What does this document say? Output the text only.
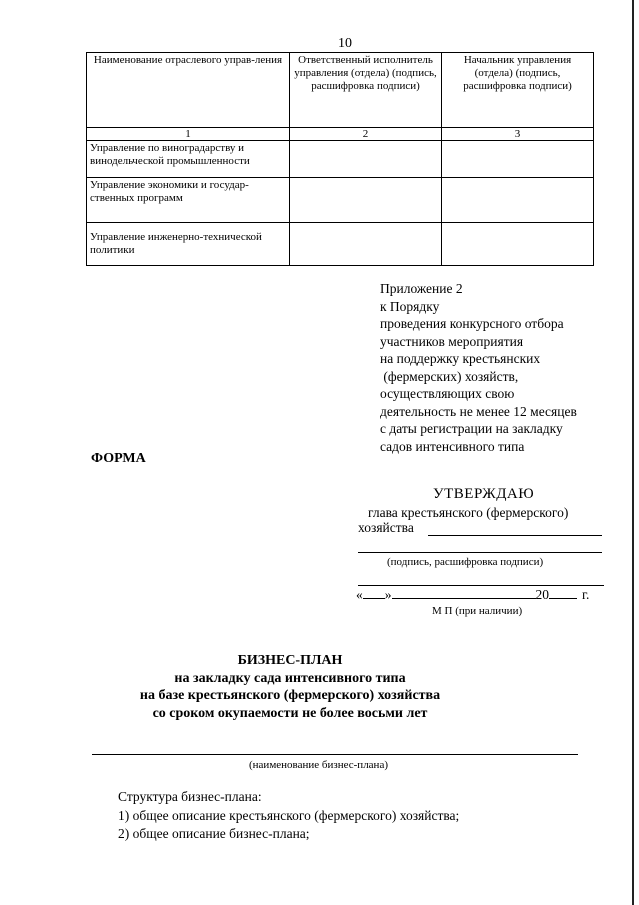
10
Наименование отраслевого управ-ления	Ответственный исполнитель управления (отдела) (подпись, расшифровка подписи)	Начальник управления (отдела) (подпись, расшифровка подписи)
1	2	3
Управление по виноградарству и винодельческой промышленности		
Управление экономики и государ-ственных программ		
Управление инженерно-технической политики		
Приложение 2
к Порядку
проведения конкурсного отбора
участников мероприятия
на поддержку крестьянских
(фермерских) хозяйств,
осуществляющих свою
деятельность не менее 12 месяцев
с даты регистрации на закладку
садов интенсивного типа
ФОРМА
УТВЕРЖДАЮ
глава крестьянского (фермерского)
хозяйства
(подпись, расшифровка подписи)
« »	20 г.
М П (при наличии)
БИЗНЕС-ПЛАН
на закладку сада интенсивного типа
на базе крестьянского (фермерского) хозяйства
со сроком окупаемости не более восьми лет
(наименование бизнес-плана)
Структура бизнес-плана:
1) общее описание крестьянского (фермерского) хозяйства;
2) общее описание бизнес-плана;
